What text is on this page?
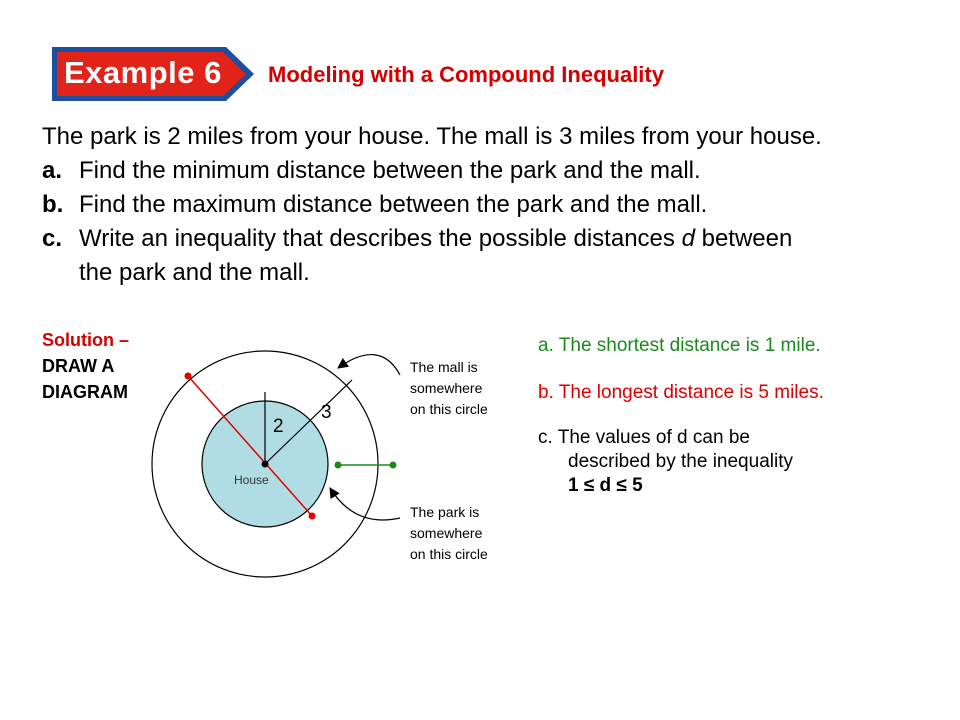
Example 6 Modeling with a Compound Inequality
The park is 2 miles from your house. The mall is 3 miles from your house.
a. Find the minimum distance between the park and the mall.
b. Find the maximum distance between the park and the mall.
c. Write an inequality that describes the possible distances d between
the park and the mall.
Solution –
DRAW A
DIAGRAM
2
3
House
The mall is
somewhere
on this circle
The park is
somewhere
on this circle
a. The shortest distance is 1 mile.
b. The longest distance is 5 miles.
c. The values of d can be
described by the inequality
1 ≤ d ≤ 5
